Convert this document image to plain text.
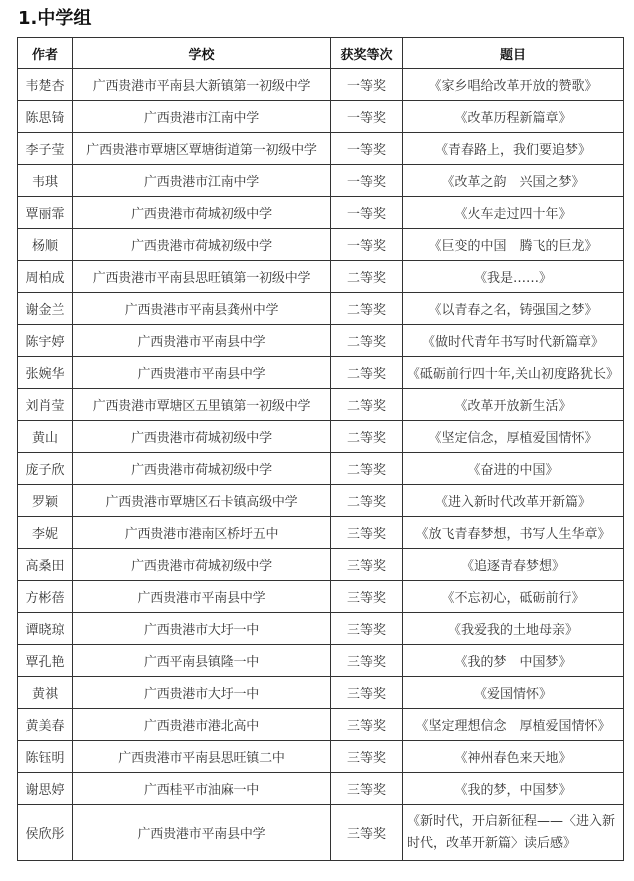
1.中学组
作者	学校	获奖等次	题目
韦楚杏	广西贵港市平南县大新镇第一初级中学	一等奖	《家乡唱给改革开放的赞歌》
陈思锜	广西贵港市江南中学	一等奖	《改革历程新篇章》
李子莹	广西贵港市覃塘区覃塘街道第一初级中学	一等奖	《青春路上，我们要追梦》
韦琪	广西贵港市江南中学	一等奖	《改革之韵　兴国之梦》
覃丽霏	广西贵港市荷城初级中学	一等奖	《火车走过四十年》
杨顺	广西贵港市荷城初级中学	一等奖	《巨变的中国　腾飞的巨龙》
周柏成	广西贵港市平南县思旺镇第一初级中学	二等奖	《我是……》
谢金兰	广西贵港市平南县龚州中学	二等奖	《以青春之名，铸强国之梦》
陈宇婷	广西贵港市平南县中学	二等奖	《做时代青年书写时代新篇章》
张婉华	广西贵港市平南县中学	二等奖	《砥砺前行四十年,关山初度路犹长》
刘肖莹	广西贵港市覃塘区五里镇第一初级中学	二等奖	《改革开放新生活》
黄山	广西贵港市荷城初级中学	二等奖	《坚定信念，厚植爱国情怀》
庞子欣	广西贵港市荷城初级中学	二等奖	《奋进的中国》
罗颖	广西贵港市覃塘区石卡镇高级中学	二等奖	《进入新时代改革开新篇》
李妮	广西贵港市港南区桥圩五中	三等奖	《放飞青春梦想，书写人生华章》
高桑田	广西贵港市荷城初级中学	三等奖	《追逐青春梦想》
方彬蓓	广西贵港市平南县中学	三等奖	《不忘初心，砥砺前行》
谭晓琼	广西贵港市大圩一中	三等奖	《我爱我的土地母亲》
覃孔艳	广西平南县镇隆一中	三等奖	《我的梦　中国梦》
黄祺	广西贵港市大圩一中	三等奖	《爱国情怀》
黄美春	广西贵港市港北高中	三等奖	《坚定理想信念　厚植爱国情怀》
陈钰明	广西贵港市平南县思旺镇二中	三等奖	《神州春色来天地》
谢思婷	广西桂平市油麻一中	三等奖	《我的梦，中国梦》
侯欣彤	广西贵港市平南县中学	三等奖	《新时代，开启新征程——〈进入新时代，改革开新篇〉读后感》
